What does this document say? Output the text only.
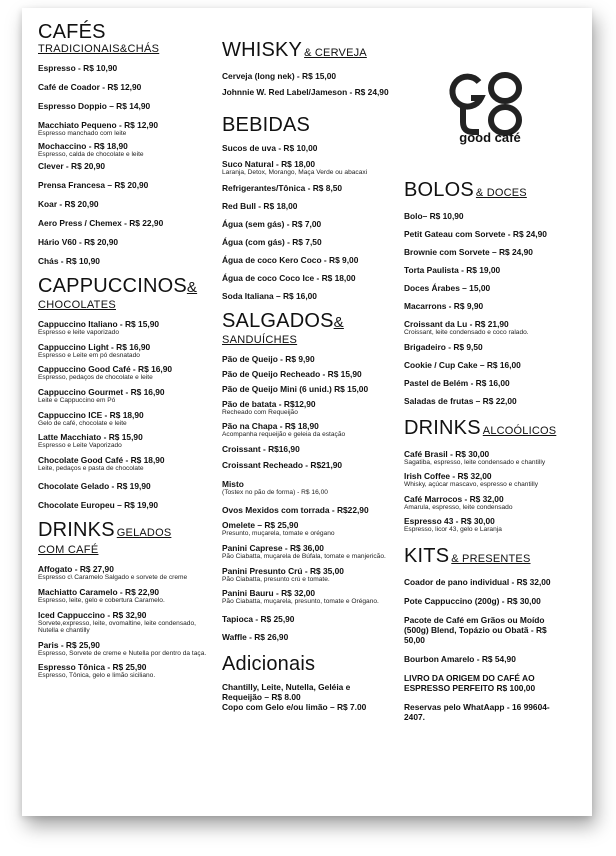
good café
CAFÉS
TRADICIONAIS&CHÁS
Espresso - R$ 10,90
Café de Coador - R$ 12,90
Espresso Doppio – R$ 14,90
Macchiato Pequeno - R$ 12,90
Espresso manchado com leite
Mochaccino - R$ 18,90
Espresso, calda de chocolate e leite
Clever - R$ 20,90
Prensa Francesa – R$ 20,90
Koar - R$ 20,90
Aero Press / Chemex - R$ 22,90
Hário V60 - R$ 20,90
Chás - R$ 10,90
CAPPUCCINOS&
CHOCOLATES
Cappuccino Italiano - R$ 15,90
Espresso e leite vaporizado
Cappuccino Light - R$ 16,90
Espresso e Leite em pó desnatado
Cappuccino Good Café - R$ 16,90
Espresso, pedaços de chocolate e leite
Cappuccino Gourmet - R$ 16,90
Leite e Cappuccino em Pó
Cappuccino ICE - R$ 18,90
Gelo de café, chocolate e leite
Latte Macchiato - R$ 15,90
Espresso e Leite Vaporizado
Chocolate Good Café - R$ 18,90
Leite, pedaços e pasta de chocolate
Chocolate Gelado - R$ 19,90
Chocolate Europeu – R$ 19,90
DRINKS GELADOS
COM CAFÉ
Affogato - R$ 27,90
Espresso c\ Caramelo Salgado e sorvete de creme
Machiatto Caramelo - R$ 22,90
Espresso, leite, gelo e cobertura Caramelo.
Iced Cappuccino - R$ 32,90
Sorvete,expresso, leite, ovomaltine, leite condensado, Nutella e chantilly
Paris - R$ 25,90
Espresso, Sorvete de creme e Nutella por dentro da taça.
Espresso Tônica - R$ 25,90
Espresso, Tônica, gelo e limão siciliano.
WHISKY & CERVEJA
Cerveja (long nek) - R$ 15,00
Johnnie W. Red Label/Jameson - R$ 24,90
BEBIDAS
Sucos de uva - R$ 10,00
Suco Natural - R$ 18,00
Laranja, Detox, Morango, Maça Verde ou abacaxi
Refrigerantes/Tônica - R$ 8,50
Red Bull - R$ 18,00
Água (sem gás) - R$ 7,00
Água (com gás) - R$ 7,50
Água de coco Kero Coco - R$ 9,00
Água de coco Coco Ice - R$ 18,00
Soda Italiana – R$ 16,00
SALGADOS&
SANDUÍCHES
Pão de Queijo - R$ 9,90
Pão de Queijo Recheado - R$ 15,90
Pão de Queijo Mini (6 unid.) R$ 15,00
Pão de batata - R$12,90
Recheado com Requeijão
Pão na Chapa - R$ 18,90
Acompanha requeijão e geleia da estação
Croissant - R$16,90
Croissant Recheado - R$21,90
Misto
(Tostex no pão de forma) - R$ 16,00
Ovos Mexidos com torrada - R$22,90
Omelete – R$ 25,90
Presunto, muçarela, tomate e orégano
Panini Caprese - R$ 36,00
Pão Ciabatta, muçarela de Búfala, tomate e manjericão.
Panini Presunto Crú - R$ 35,00
Pão Ciabatta, presunto crú e tomate.
Panini Bauru - R$ 32,00
Pão Ciabatta, muçarela, presunto, tomate e Orégano.
Tapioca - R$ 25,90
Waffle - R$ 26,90
Adicionais
Chantilly, Leite, Nutella, Geléia e Requeijão – R$ 8.00
Copo com Gelo e/ou limão – R$ 7.00
BOLOS & DOCES
Bolo– R$ 10,90
Petit Gateau com Sorvete - R$ 24,90
Brownie com Sorvete – R$ 24,90
Torta Paulista - R$ 19,00
Doces Árabes – 15,00
Macarrons - R$ 9,90
Croissant da Lu - R$ 21,90
Croissant, leite condensado e coco ralado.
Brigadeiro - R$ 9,50
Cookie / Cup Cake – R$ 16,00
Pastel de Belém - R$ 16,00
Saladas de frutas – R$ 22,00
DRINKS ALCOÓLICOS
Café Brasil - R$ 30,00
Sagatiba, espresso, leite condensado e chantilly
Irish Coffee - R$ 32,00
Whisky, açúcar mascavo, espresso e chantilly
Café Marrocos - R$ 32,00
Amarula, espresso, leite condensado
Espresso 43 - R$ 30,00
Espresso, licor 43, gelo e Laranja
KITS & PRESENTES
Coador de pano individual - R$ 32,00
Pote Cappuccino (200g) - R$ 30,00
Pacote de Café em Grãos ou Moído (500g) Blend, Topázio ou Obatã - R$ 50,00
Bourbon Amarelo - R$ 54,90
LIVRO DA ORIGEM DO CAFÉ AO ESPRESSO PERFEITO R$ 100,00
Reservas pelo WhatAapp - 16 99604-2407.
